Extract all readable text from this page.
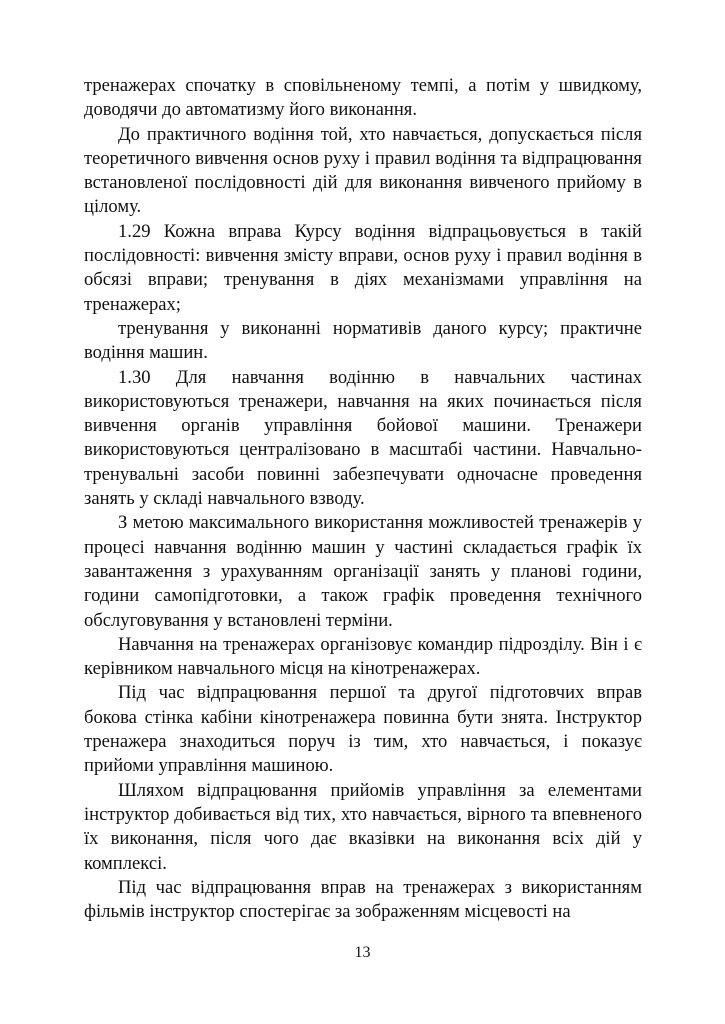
тренажерах спочатку в сповільненому темпі, а потім у швидкому, доводячи до автоматизму його виконання.

До практичного водіння той, хто навчається, допускається після теоретичного вивчення основ руху і правил водіння та відпрацювання встановленої послідовності дій для виконання вивченого прийому в цілому.

1.29 Кожна вправа Курсу водіння відпрацьовується в такій послідовності: вивчення змісту вправи, основ руху і правил водіння в обсязі вправи; тренування в діях механізмами управління на тренажерах;

тренування у виконанні нормативів даного курсу; практичне водіння машин.

1.30 Для навчання водінню в навчальних частинах використовуються тренажери, навчання на яких починається після вивчення органів управління бойової машини. Тренажери використовуються централізовано в масштабі частини. Навчально-тренувальні засоби повинні забезпечувати одночасне проведення занять у складі навчального взводу.

З метою максимального використання можливостей тренажерів у процесі навчання водінню машин у частині складається графік їх завантаження з урахуванням організації занять у планові години, години самопідготовки, а також графік проведення технічного обслуговування у встановлені терміни.

Навчання на тренажерах організовує командир підрозділу. Він і є керівником навчального місця на кінотренажерах.

Під час відпрацювання першої та другої підготовчих вправ бокова стінка кабіни кінотренажера повинна бути знята. Інструктор тренажера знаходиться поруч із тим, хто навчається, і показує прийоми управління машиною.

Шляхом відпрацювання прийомів управління за елементами інструктор добивається від тих, хто навчається, вірного та впевненого їх виконання, після чого дає вказівки на виконання всіх дій у комплексі.

Під час відпрацювання вправ на тренажерах з використанням фільмів інструктор спостерігає за зображенням місцевості на

13
